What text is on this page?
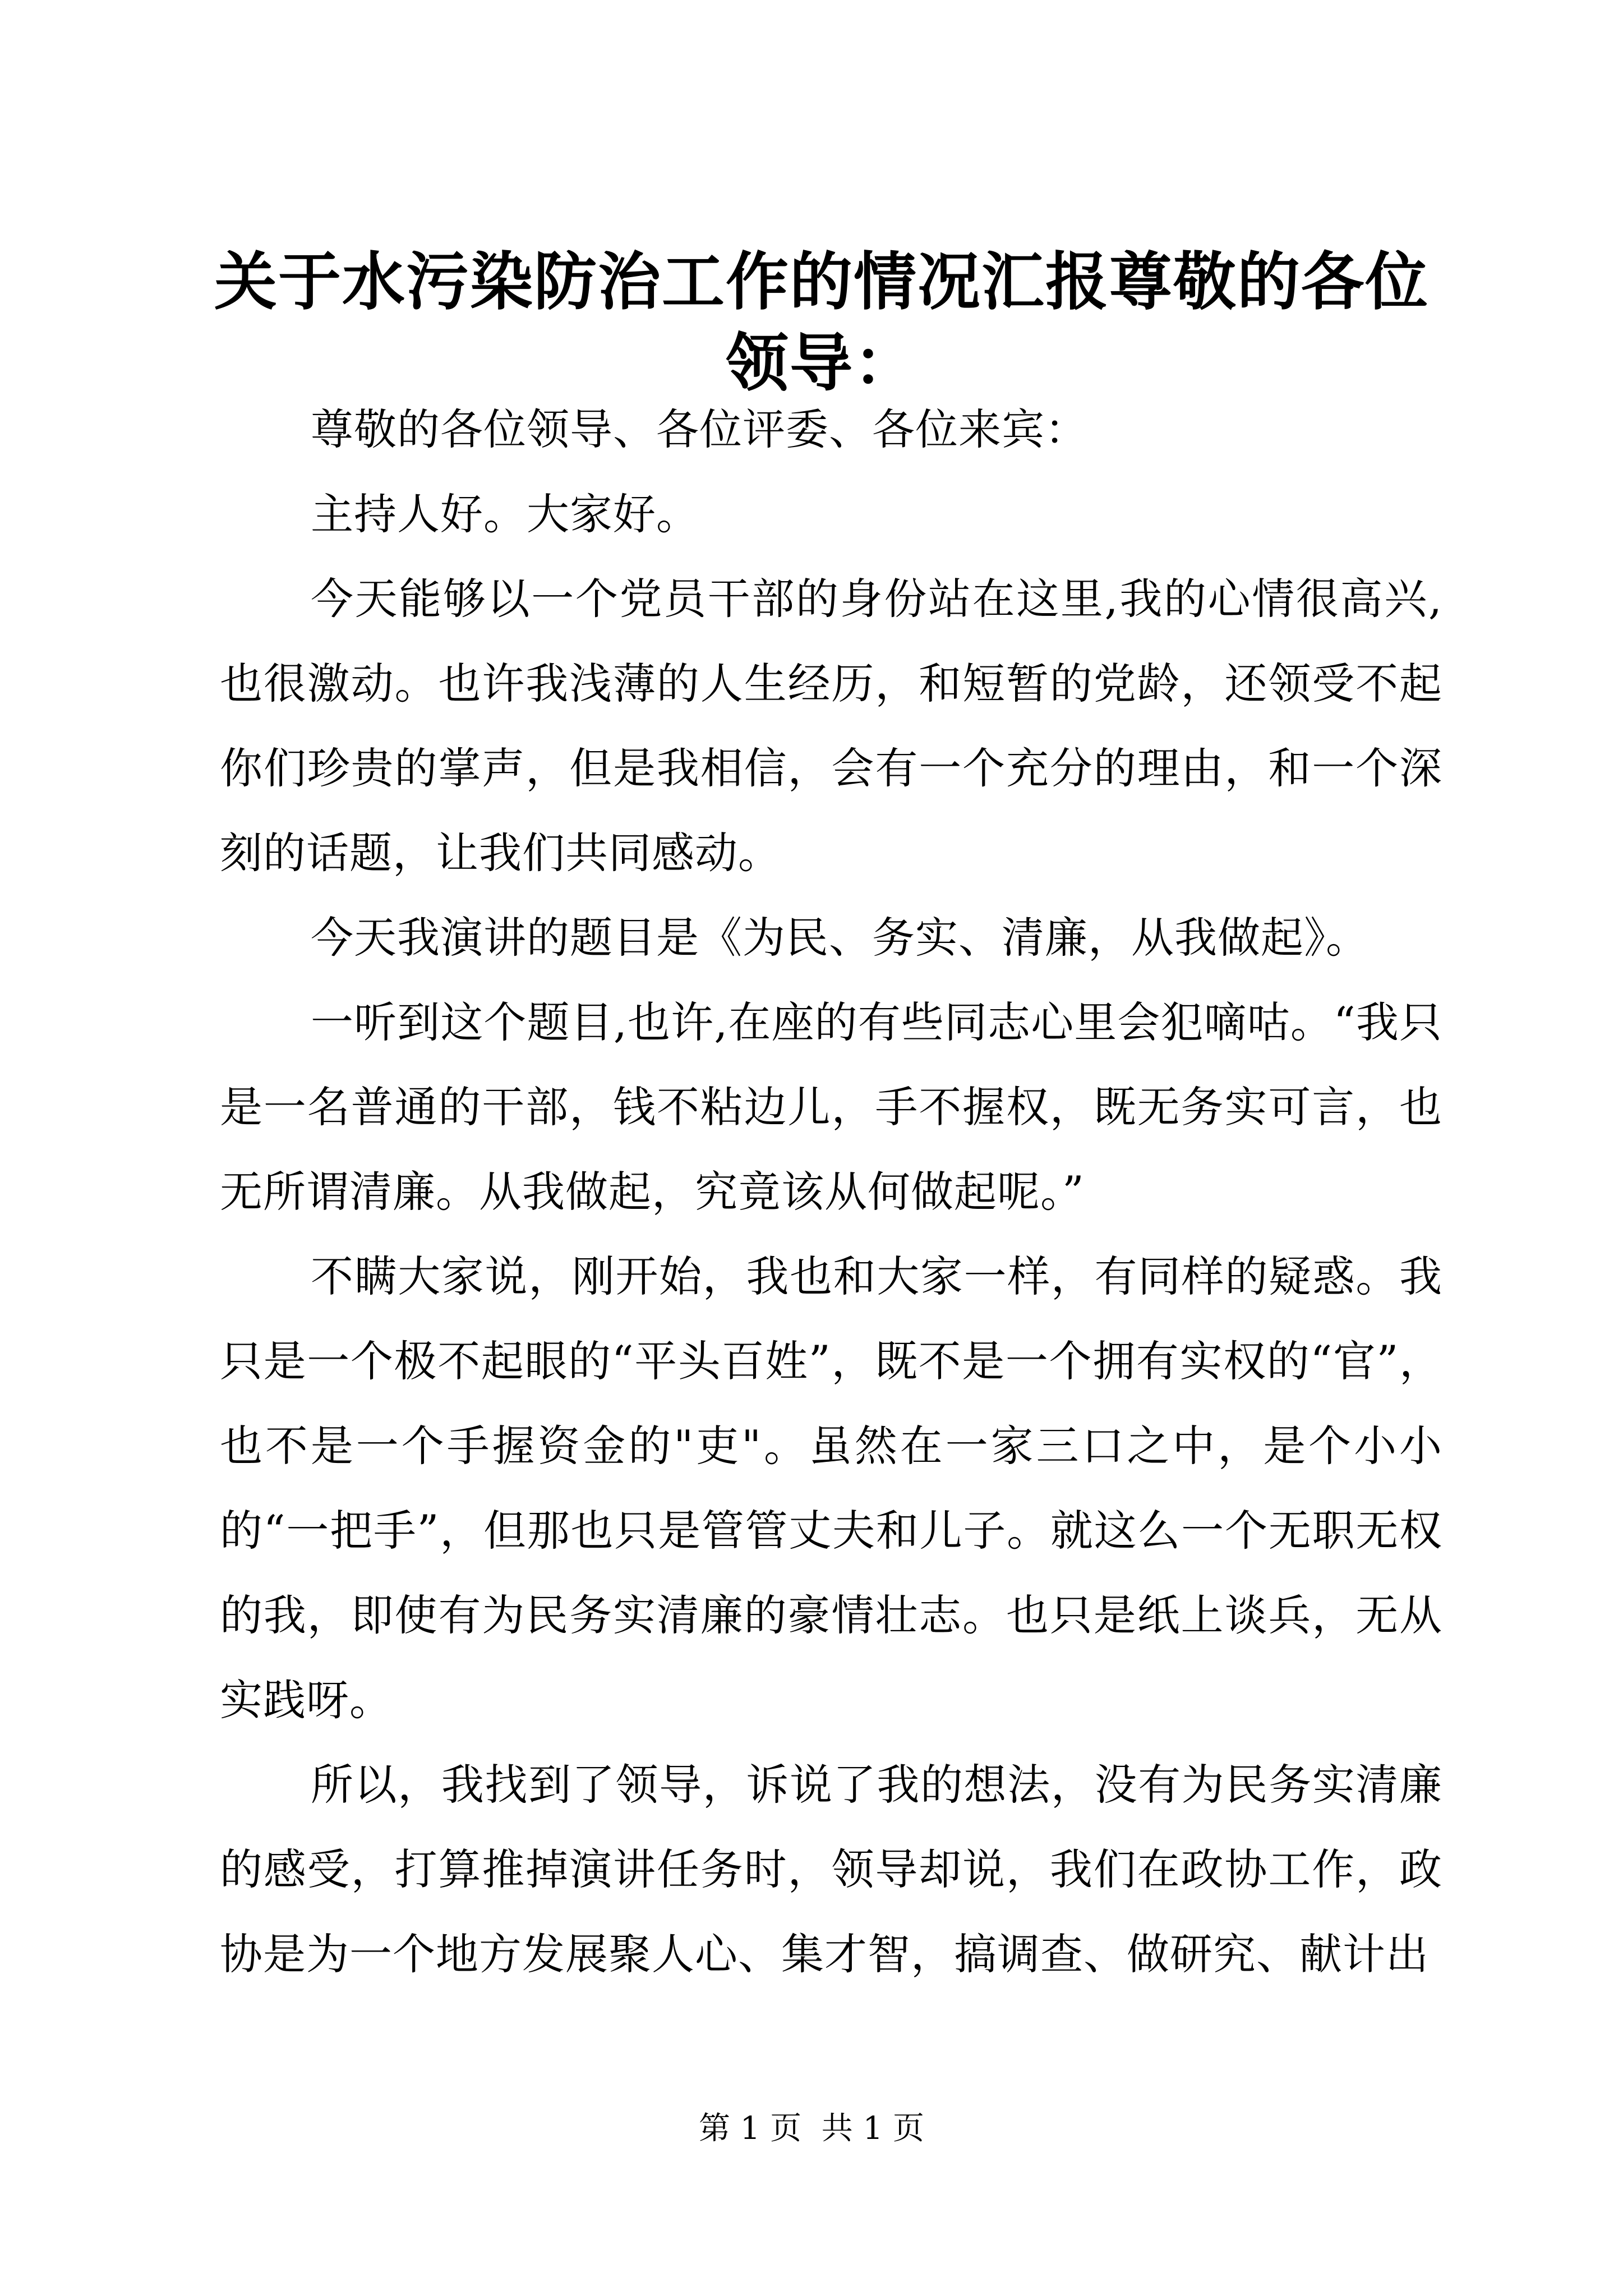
关于水污染防治工作的情况汇报尊敬的各位领导：

尊敬的各位领导、各位评委、各位来宾：

主持人好。大家好。

今天能够以一个党员干部的身份站在这里,我的心情很高兴,也很激动。也许我浅薄的人生经历，和短暂的党龄，还领受不起你们珍贵的掌声，但是我相信，会有一个充分的理由，和一个深刻的话题，让我们共同感动。

今天我演讲的题目是《为民、务实、清廉，从我做起》。

一听到这个题目,也许,在座的有些同志心里会犯嘀咕。“我只是一名普通的干部，钱不粘边儿，手不握权，既无务实可言，也无所谓清廉。从我做起，究竟该从何做起呢。”

不瞒大家说，刚开始，我也和大家一样，有同样的疑惑。我只是一个极不起眼的“平头百姓”，既不是一个拥有实权的“官”，也不是一个手握资金的"吏"。虽然在一家三口之中，是个小小的“一把手”，但那也只是管管丈夫和儿子。就这么一个无职无权的我，即使有为民务实清廉的豪情壮志。也只是纸上谈兵，无从实践呀。

所以，我找到了领导，诉说了我的想法，没有为民务实清廉的感受，打算推掉演讲任务时，领导却说，我们在政协工作，政协是为一个地方发展聚人心、集才智，搞调查、做研究、献计出

第 1 页  共 1 页
